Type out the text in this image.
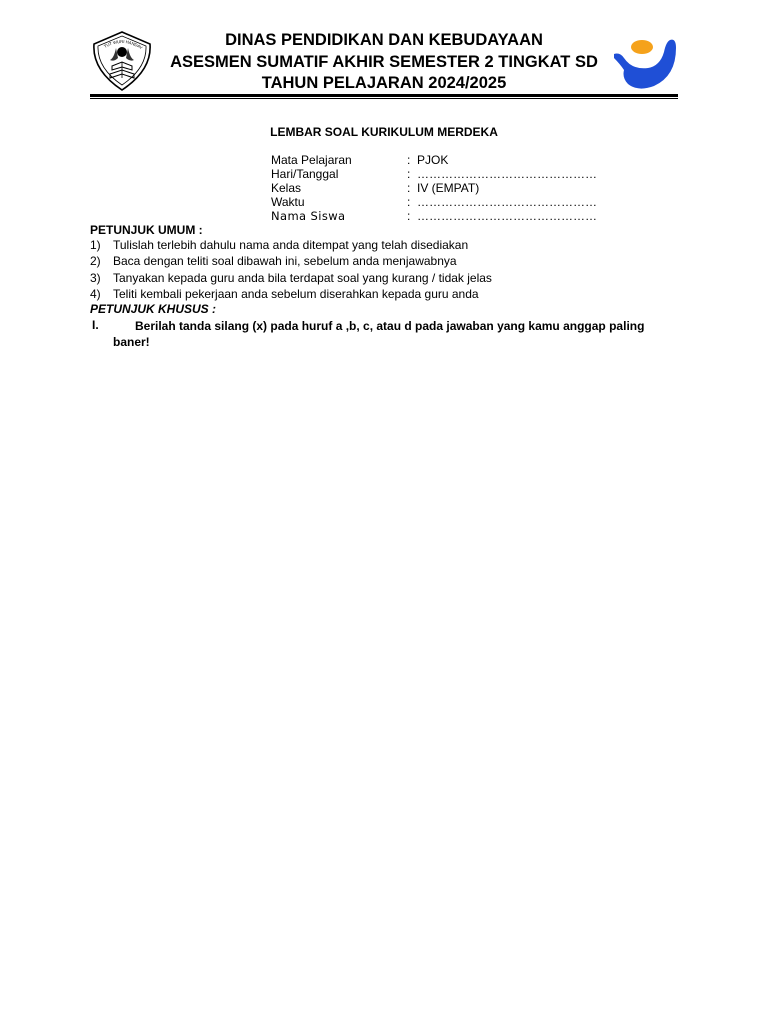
TUT WURI HANDAY	DINAS PENDIDIKAN DAN KEBUDAYAAN
ASESMEN SUMATIF AKHIR SEMESTER 2 TINGKAT SD
TAHUN PELAJARAN 2024/2025
LEMBAR SOAL KURIKULUM MERDEKA
Mata Pelajaran	: PJOK
Hari/Tanggal	: ………………………………………
Kelas	: IV (EMPAT)
Waktu	: ………………………………………
Nama Siswa	: ………………………………………
PETUNJUK UMUM :
1) Tulislah terlebih dahulu nama anda ditempat yang telah disediakan
2) Baca dengan teliti soal dibawah ini, sebelum anda menjawabnya
3) Tanyakan kepada guru anda bila terdapat soal yang kurang / tidak jelas
4) Teliti kembali pekerjaan anda sebelum diserahkan kepada guru anda
PETUNJUK KHUSUS :
I.	Berilah tanda silang (x) pada huruf a ,b, c, atau d pada jawaban yang kamu anggap paling baner!
